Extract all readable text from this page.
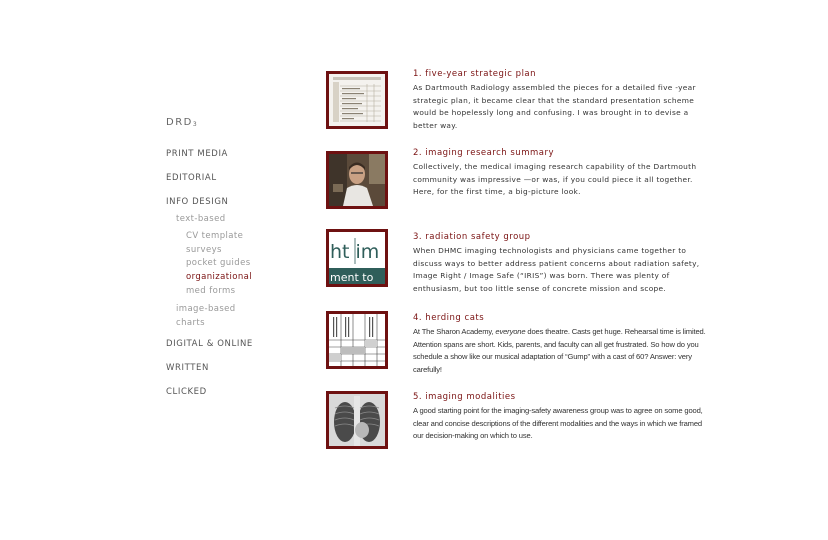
$DRD_3$
PRINT MEDIA
EDITORIAL
INFO DESIGN
text-based
CV template
surveys
pocket guides
organizational
med forms
image-based
charts
DIGITAL & ONLINE
WRITTEN
CLICKED
ht im
ment to
1. five-year strategic plan
As Dartmouth Radiology assembled the pieces for a detailed five -year strategic plan, it became clear that the standard presentation scheme would be hopelessly long and confusing. I was brought in to devise a better way.
2. imaging research summary
Collectively, the medical imaging research capability of the Dartmouth community was impressive —or was, if you could piece it all together. Here, for the first time, a big-picture look.
3. radiation safety group
When DHMC imaging technologists and physicians came together to discuss ways to better address patient concerns about radiation safety, Image Right / Image Safe (“IRIS”) was born. There was plenty of enthusiasm, but too little sense of concrete mission and scope.
4. herding cats
At The Sharon Academy, everyone does theatre. Casts get huge. Rehearsal time is limited. Attention spans are short. Kids, parents, and faculty can all get frustrated. So how do you schedule a show like our musical adaptation of “Gump” with a cast of 60? Answer: very carefully!
5. imaging modalities
A good starting point for the imaging-safety awareness group was to agree on some good, clear and concise descriptions of the different modalities and the ways in which we framed our decision-making on which to use.
